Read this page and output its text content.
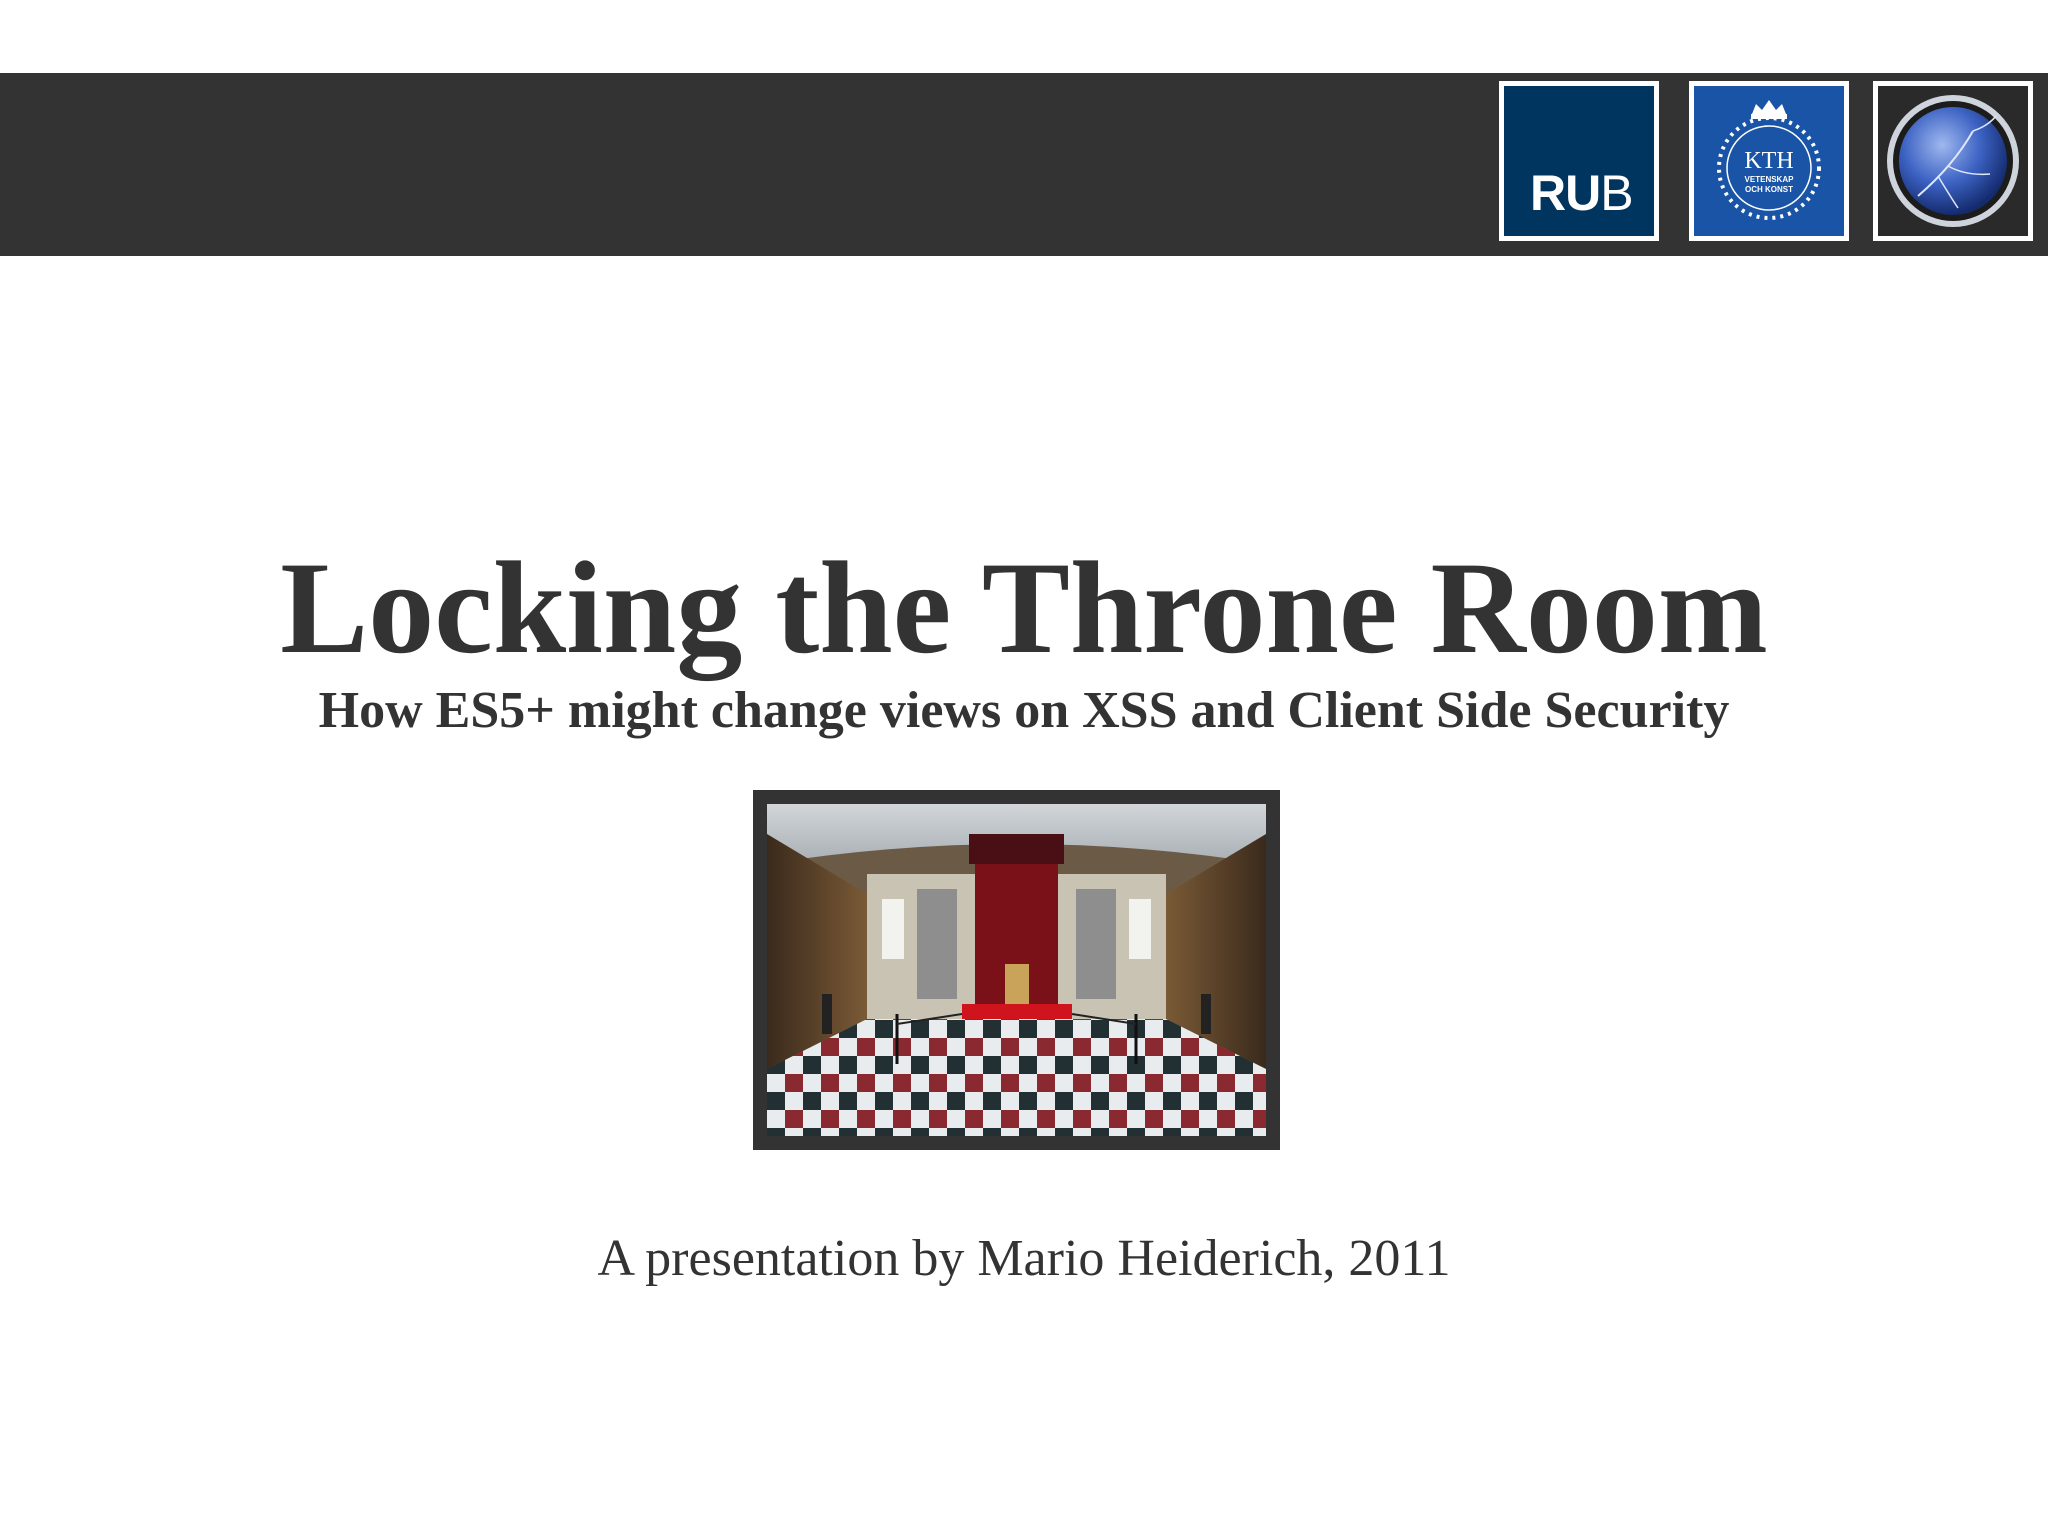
RUB
KTH
VETENSKAP
OCH KONST
Locking the Throne Room
How ES5+ might change views on XSS and Client Side Security
A presentation by Mario Heiderich, 2011
